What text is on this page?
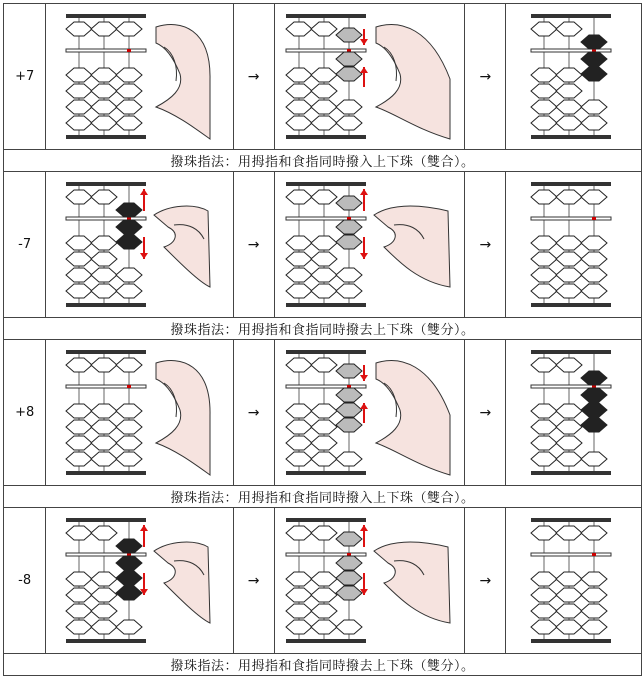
+7		→		→	

撥珠指法：用拇指和食指同時撥入上下珠（雙合）。					
-7		→		→	

撥珠指法：用拇指和食指同時撥去上下珠（雙分）。					
+8		→		→	

撥珠指法：用拇指和食指同時撥入上下珠（雙合）。					
-8		→		→	

撥珠指法：用拇指和食指同時撥去上下珠（雙分）。					
